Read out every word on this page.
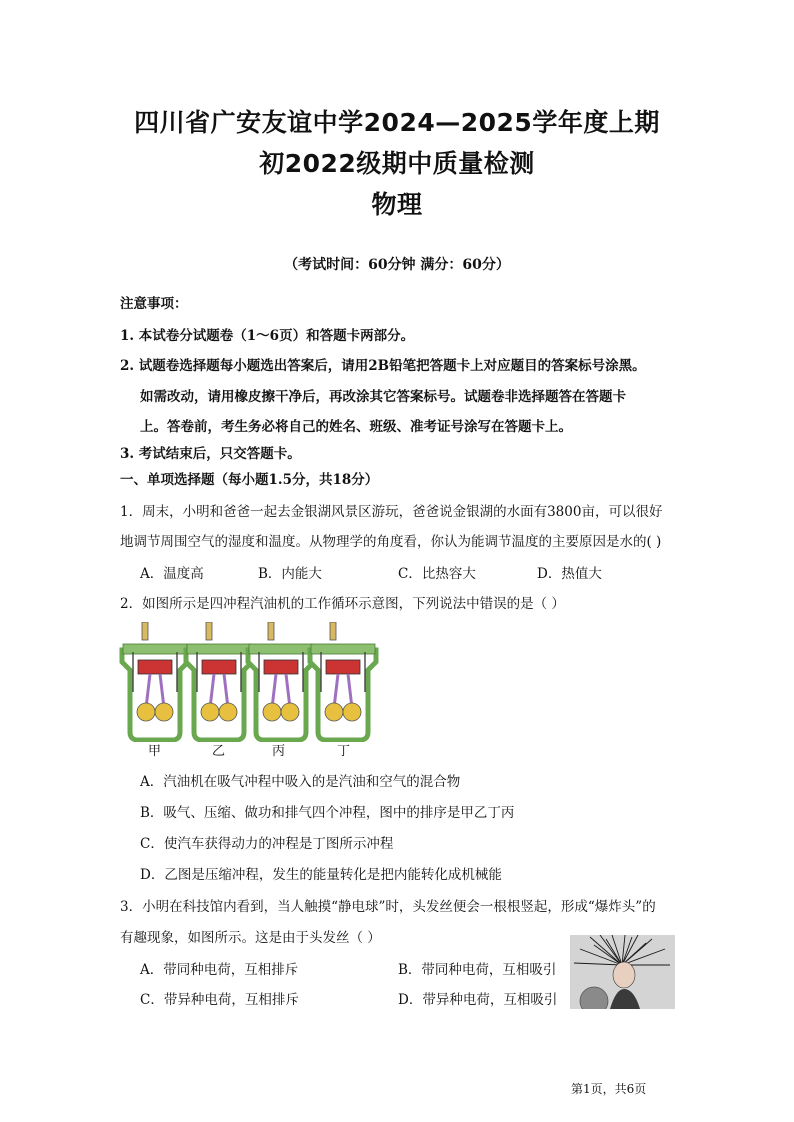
四川省广安友谊中学2024—2025学年度上期
初2022级期中质量检测
物理
（考试时间：60分钟 满分：60分）
注意事项：
1. 本试卷分试题卷（1～6页）和答题卡两部分。
2. 试题卷选择题每小题选出答案后，请用2B铅笔把答题卡上对应题目的答案标号涂黑。
如需改动，请用橡皮擦干净后，再改涂其它答案标号。试题卷非选择题答在答题卡
上。答卷前，考生务必将自己的姓名、班级、准考证号涂写在答题卡上。
3. 考试结束后，只交答题卡。
一、单项选择题（每小题1.5分，共18分）
1．周末，小明和爸爸一起去金银湖风景区游玩，爸爸说金银湖的水面有3800亩，可以很好
地调节周围空气的湿度和温度。从物理学的角度看，你认为能调节温度的主要原因是水的( )
A．温度高	B．内能大	C．比热容大	D．热值大
2．如图所示是四冲程汽油机的工作循环示意图，下列说法中错误的是（ ）
甲	乙	丙	丁
A．汽油机在吸气冲程中吸入的是汽油和空气的混合物
B．吸气、压缩、做功和排气四个冲程，图中的排序是甲乙丁丙
C．使汽车获得动力的冲程是丁图所示冲程
D．乙图是压缩冲程，发生的能量转化是把内能转化成机械能
3．小明在科技馆内看到，当人触摸“静电球”时，头发丝便会一根根竖起，形成“爆炸头”的
有趣现象，如图所示。这是由于头发丝（ ）
A．带同种电荷，互相排斥	B．带同种电荷，互相吸引
C．带异种电荷，互相排斥	D．带异种电荷，互相吸引
第1页，共6页
